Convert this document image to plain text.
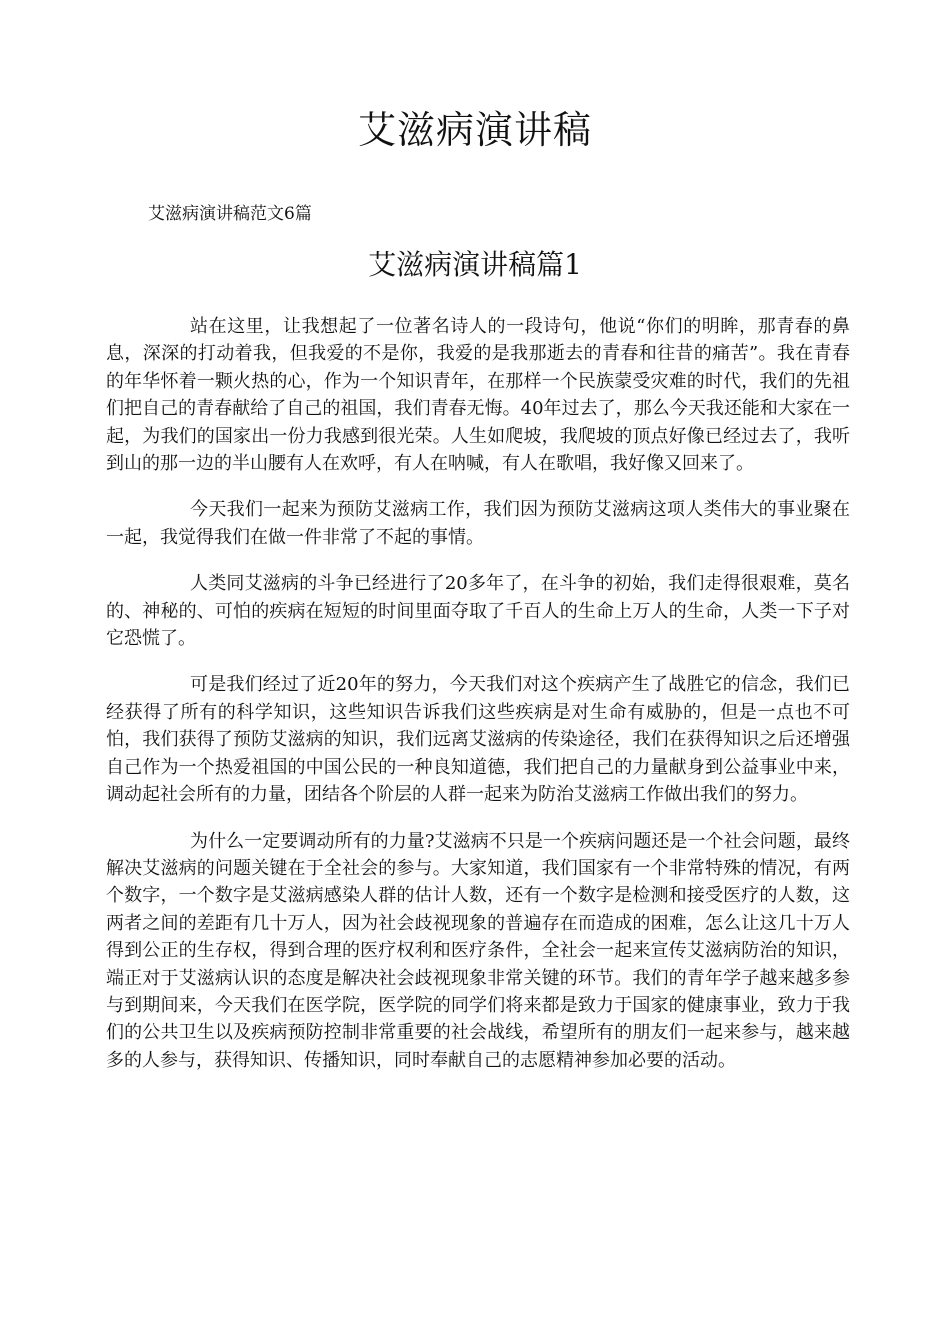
艾滋病演讲稿

艾滋病演讲稿范文6篇

艾滋病演讲稿篇1

站在这里，让我想起了一位著名诗人的一段诗句，他说“你们的明眸，那青春的鼻息，深深的打动着我，但我爱的不是你，我爱的是我那逝去的青春和往昔的痛苦”。我在青春的年华怀着一颗火热的心，作为一个知识青年，在那样一个民族蒙受灾难的时代，我们的先祖们把自己的青春献给了自己的祖国，我们青春无悔。40年过去了，那么今天我还能和大家在一起，为我们的国家出一份力我感到很光荣。人生如爬坡，我爬坡的顶点好像已经过去了，我听到山的那一边的半山腰有人在欢呼，有人在呐喊，有人在歌唱，我好像又回来了。

今天我们一起来为预防艾滋病工作，我们因为预防艾滋病这项人类伟大的事业聚在一起，我觉得我们在做一件非常了不起的事情。

人类同艾滋病的斗争已经进行了20多年了，在斗争的初始，我们走得很艰难，莫名的、神秘的、可怕的疾病在短短的时间里面夺取了千百人的生命上万人的生命，人类一下子对它恐慌了。

可是我们经过了近20年的努力，今天我们对这个疾病产生了战胜它的信念，我们已经获得了所有的科学知识，这些知识告诉我们这些疾病是对生命有威胁的，但是一点也不可怕，我们获得了预防艾滋病的知识，我们远离艾滋病的传染途径，我们在获得知识之后还增强自己作为一个热爱祖国的中国公民的一种良知道德，我们把自己的力量献身到公益事业中来，调动起社会所有的力量，团结各个阶层的人群一起来为防治艾滋病工作做出我们的努力。

为什么一定要调动所有的力量?艾滋病不只是一个疾病问题还是一个社会问题，最终解决艾滋病的问题关键在于全社会的参与。大家知道，我们国家有一个非常特殊的情况，有两个数字，一个数字是艾滋病感染人群的估计人数，还有一个数字是检测和接受医疗的人数，这两者之间的差距有几十万人，因为社会歧视现象的普遍存在而造成的困难，怎么让这几十万人得到公正的生存权，得到合理的医疗权利和医疗条件，全社会一起来宣传艾滋病防治的知识，端正对于艾滋病认识的态度是解决社会歧视现象非常关键的环节。我们的青年学子越来越多参与到期间来，今天我们在医学院，医学院的同学们将来都是致力于国家的健康事业，致力于我们的公共卫生以及疾病预防控制非常重要的社会战线，希望所有的朋友们一起来参与，越来越多的人参与，获得知识、传播知识，同时奉献自己的志愿精神参加必要的活动。
